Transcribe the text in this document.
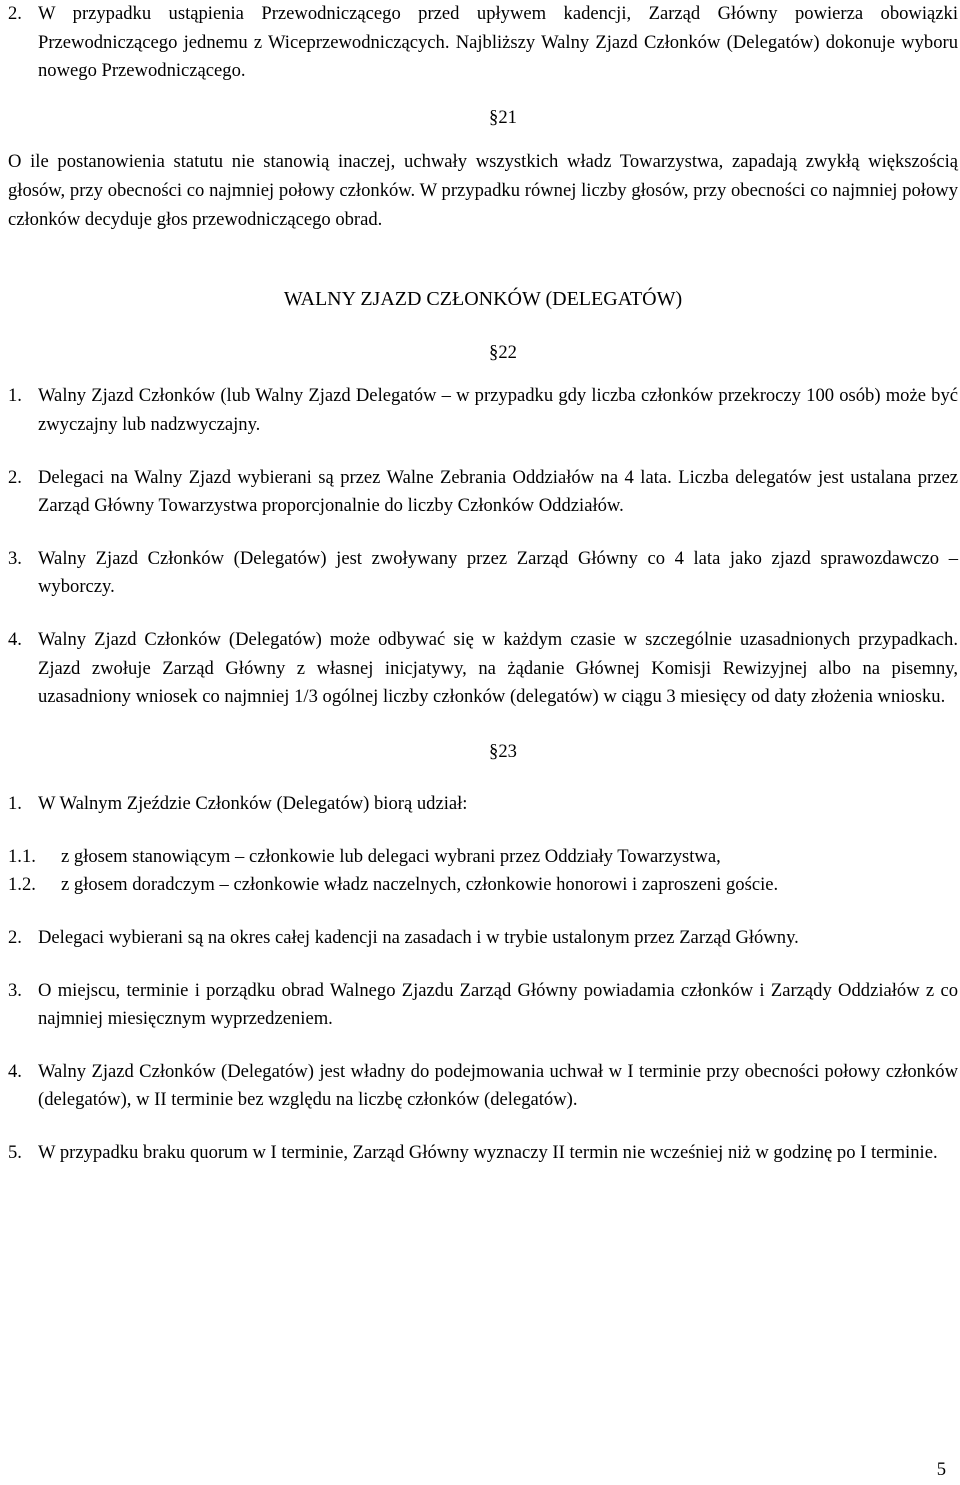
2. W przypadku ustąpienia Przewodniczącego przed upływem kadencji, Zarząd Główny powierza obowiązki Przewodniczącego jednemu z Wiceprzewodniczących. Najbliższy Walny Zjazd Członków (Delegatów) dokonuje wyboru nowego Przewodniczącego.

§21

O ile postanowienia statutu nie stanowią inaczej, uchwały wszystkich władz Towarzystwa, zapadają zwykłą większością głosów, przy obecności co najmniej połowy członków. W przypadku równej liczby głosów, przy obecności co najmniej połowy członków decyduje głos przewodniczącego obrad.

WALNY ZJAZD CZŁONKÓW (DELEGATÓW)

§22

1. Walny Zjazd Członków (lub Walny Zjazd Delegatów – w przypadku gdy liczba członków przekroczy 100 osób) może być zwyczajny lub nadzwyczajny.
2. Delegaci na Walny Zjazd wybierani są przez Walne Zebrania Oddziałów na 4 lata. Liczba delegatów jest ustalana przez Zarząd Główny Towarzystwa proporcjonalnie do liczby Członków Oddziałów.
3. Walny Zjazd Członków (Delegatów) jest zwoływany przez Zarząd Główny co 4 lata jako zjazd sprawozdawczo – wyborczy.
4. Walny Zjazd Członków (Delegatów) może odbywać się w każdym czasie w szczególnie uzasadnionych przypadkach. Zjazd zwołuje Zarząd Główny z własnej inicjatywy, na żądanie Głównej Komisji Rewizyjnej albo na pisemny, uzasadniony wniosek co najmniej 1/3 ogólnej liczby członków (delegatów) w ciągu 3 miesięcy od daty złożenia wniosku.

§23

1. W Walnym Zjeździe Członków (Delegatów) biorą udział:
1.1.	z głosem stanowiącym – członkowie lub delegaci wybrani przez Oddziały Towarzystwa,
1.2.	z głosem doradczym – członkowie władz naczelnych, członkowie honorowi i zaproszeni goście.
2. Delegaci wybierani są na okres całej kadencji na zasadach i w trybie ustalonym przez Zarząd Główny.
3. O miejscu, terminie i porządku obrad Walnego Zjazdu Zarząd Główny powiadamia członków i Zarządy Oddziałów z co najmniej miesięcznym wyprzedzeniem.
4. Walny Zjazd Członków (Delegatów) jest władny do podejmowania uchwał w I terminie przy obecności połowy członków (delegatów), w II terminie bez względu na liczbę członków (delegatów).
5. W przypadku braku quorum w I terminie, Zarząd Główny wyznaczy II termin nie wcześniej niż w godzinę po I terminie.
5
